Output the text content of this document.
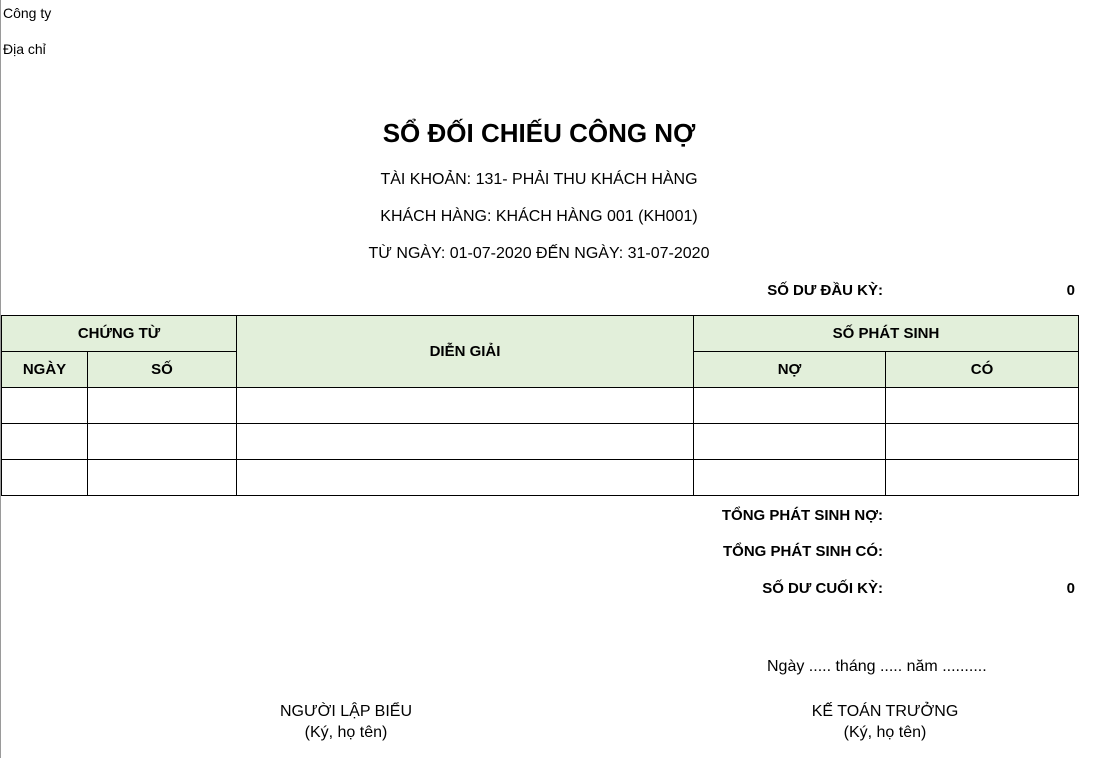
Công ty
Địa chỉ
SỔ ĐỐI CHIẾU CÔNG NỢ
TÀI KHOẢN: 131- PHẢI THU KHÁCH HÀNG
KHÁCH HÀNG: KHÁCH HÀNG 001 (KH001)
TỪ NGÀY: 01-07-2020 ĐẾN NGÀY: 31-07-2020
SỐ DƯ ĐẦU KỲ:	0
CHỨNG TỪ		DIỄN GIẢI	SỐ PHÁT SINH	
NGÀY	SỐ		NỢ	CÓ

TỔNG PHÁT SINH NỢ:
TỔNG PHÁT SINH CÓ:
SỐ DƯ CUỐI KỲ:	0
Ngày ..... tháng ..... năm ..........
NGƯỜI LẬP BIỂU
(Ký, họ tên)
KẾ TOÁN TRƯỞNG
(Ký, họ tên)
